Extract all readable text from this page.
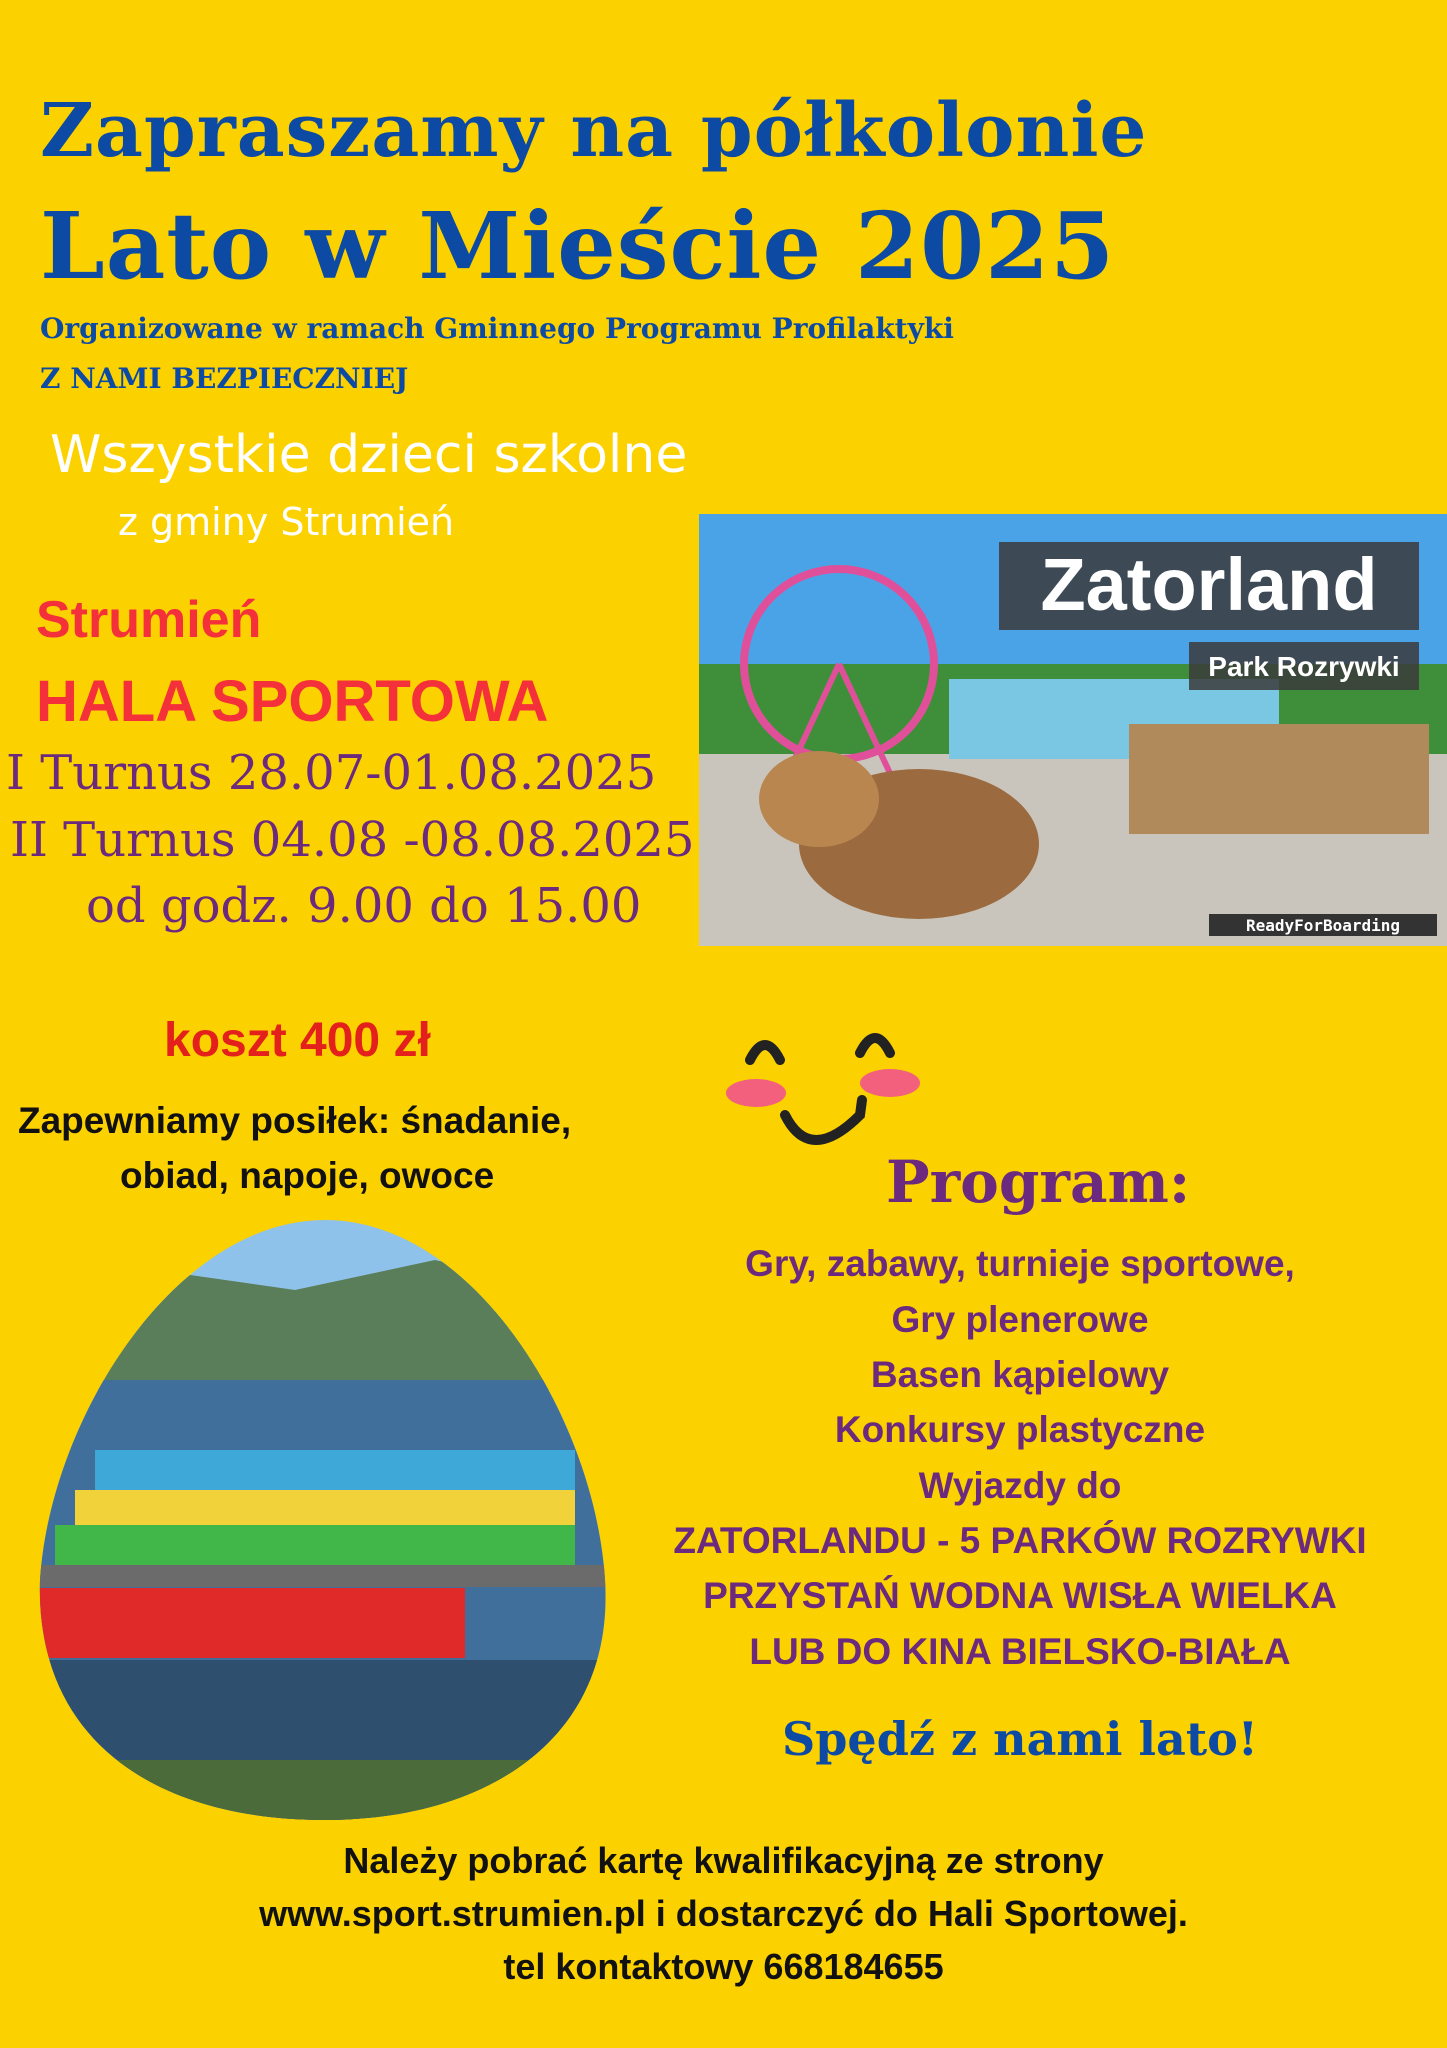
Zapraszamy na półkolonie
Lato w Mieście 2025
Organizowane w ramach Gminnego Programu Profilaktyki
Z NAMI BEZPIECZNIEJ
Wszystkie dzieci szkolne
z gminy Strumień
Strumień
HALA SPORTOWA
I Turnus 28.07-01.08.2025
II Turnus 04.08 -08.08.2025
od godz. 9.00 do 15.00
koszt 400 zł
Zapewniamy posiłek: śnadanie,
obiad, napoje, owoce
Zatorland
Park Rozrywki
ReadyForBoarding
Program:
Gry, zabawy, turnieje sportowe,
Gry plenerowe
Basen kąpielowy
Konkursy plastyczne
Wyjazdy do
ZATORLANDU - 5 PARKÓW ROZRYWKI
PRZYSTAŃ WODNA WISŁA WIELKA
LUB DO KINA BIELSKO-BIAŁA
Spędź z nami lato!
Należy pobrać kartę kwalifikacyjną ze strony
www.sport.strumien.pl i dostarczyć do Hali Sportowej.
tel kontaktowy 668184655
